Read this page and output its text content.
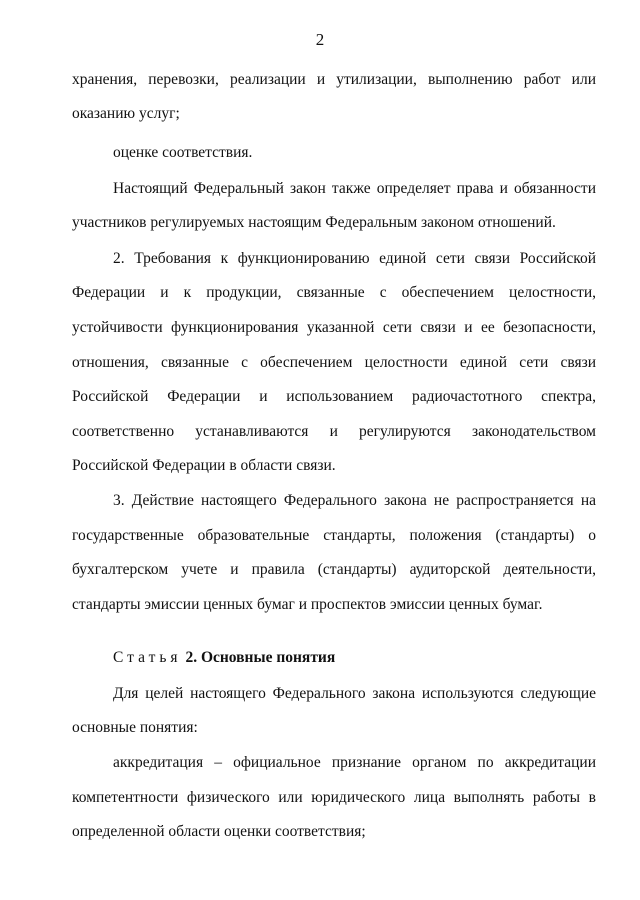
2
хранения, перевозки, реализации и утилизации, выполнению работ или
оказанию услуг;
оценке соответствия.
Настоящий Федеральный закон также определяет права и обязанности
участников регулируемых настоящим Федеральным законом отношений.
2. Требования к функционированию единой сети связи Российской
Федерации и к продукции, связанные с обеспечением целостности,
устойчивости функционирования указанной сети связи и ее безопасности,
отношения, связанные с обеспечением целостности единой сети связи
Российской Федерации и использованием радиочастотного спектра,
соответственно устанавливаются и регулируются законодательством
Российской Федерации в области связи.
3. Действие настоящего Федерального закона не распространяется на
государственные образовательные стандарты, положения (стандарты) о
бухгалтерском учете и правила (стандарты) аудиторской деятельности,
стандарты эмиссии ценных бумаг и проспектов эмиссии ценных бумаг.
Статья 2. Основные понятия
Для целей настоящего Федерального закона используются следующие
основные понятия:
аккредитация – официальное признание органом по аккредитации
компетентности физического или юридического лица выполнять работы в
определенной области оценки соответствия;
